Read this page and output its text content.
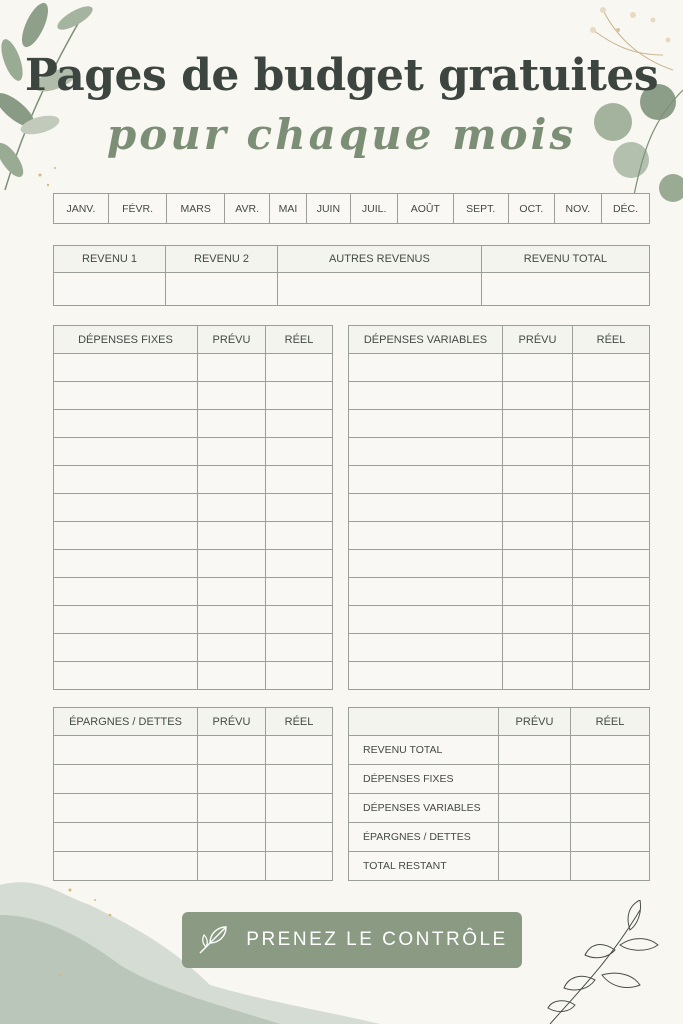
Pages de budget gratuites
pour chaque mois
JANV.	FÉVR.	MARS	AVR.	MAI	JUIN	JUIL.	AOÛT	SEPT.	OCT.	NOV.	DÉC.
REVENU 1	REVENU 2	AUTRES REVENUS	REVENU TOTAL

DÉPENSES FIXES	PRÉVU	RÉEL

			DÉPENSES VARIABLES	PRÉVU	RÉEL

ÉPARGNES / DETTES	PRÉVU	RÉEL

		PRÉVU	RÉEL
REVENU TOTAL		
DÉPENSES FIXES		
DÉPENSES VARIABLES		
ÉPARGNES / DETTES		
TOTAL RESTANT		
PRENEZ LE CONTRÔLE
